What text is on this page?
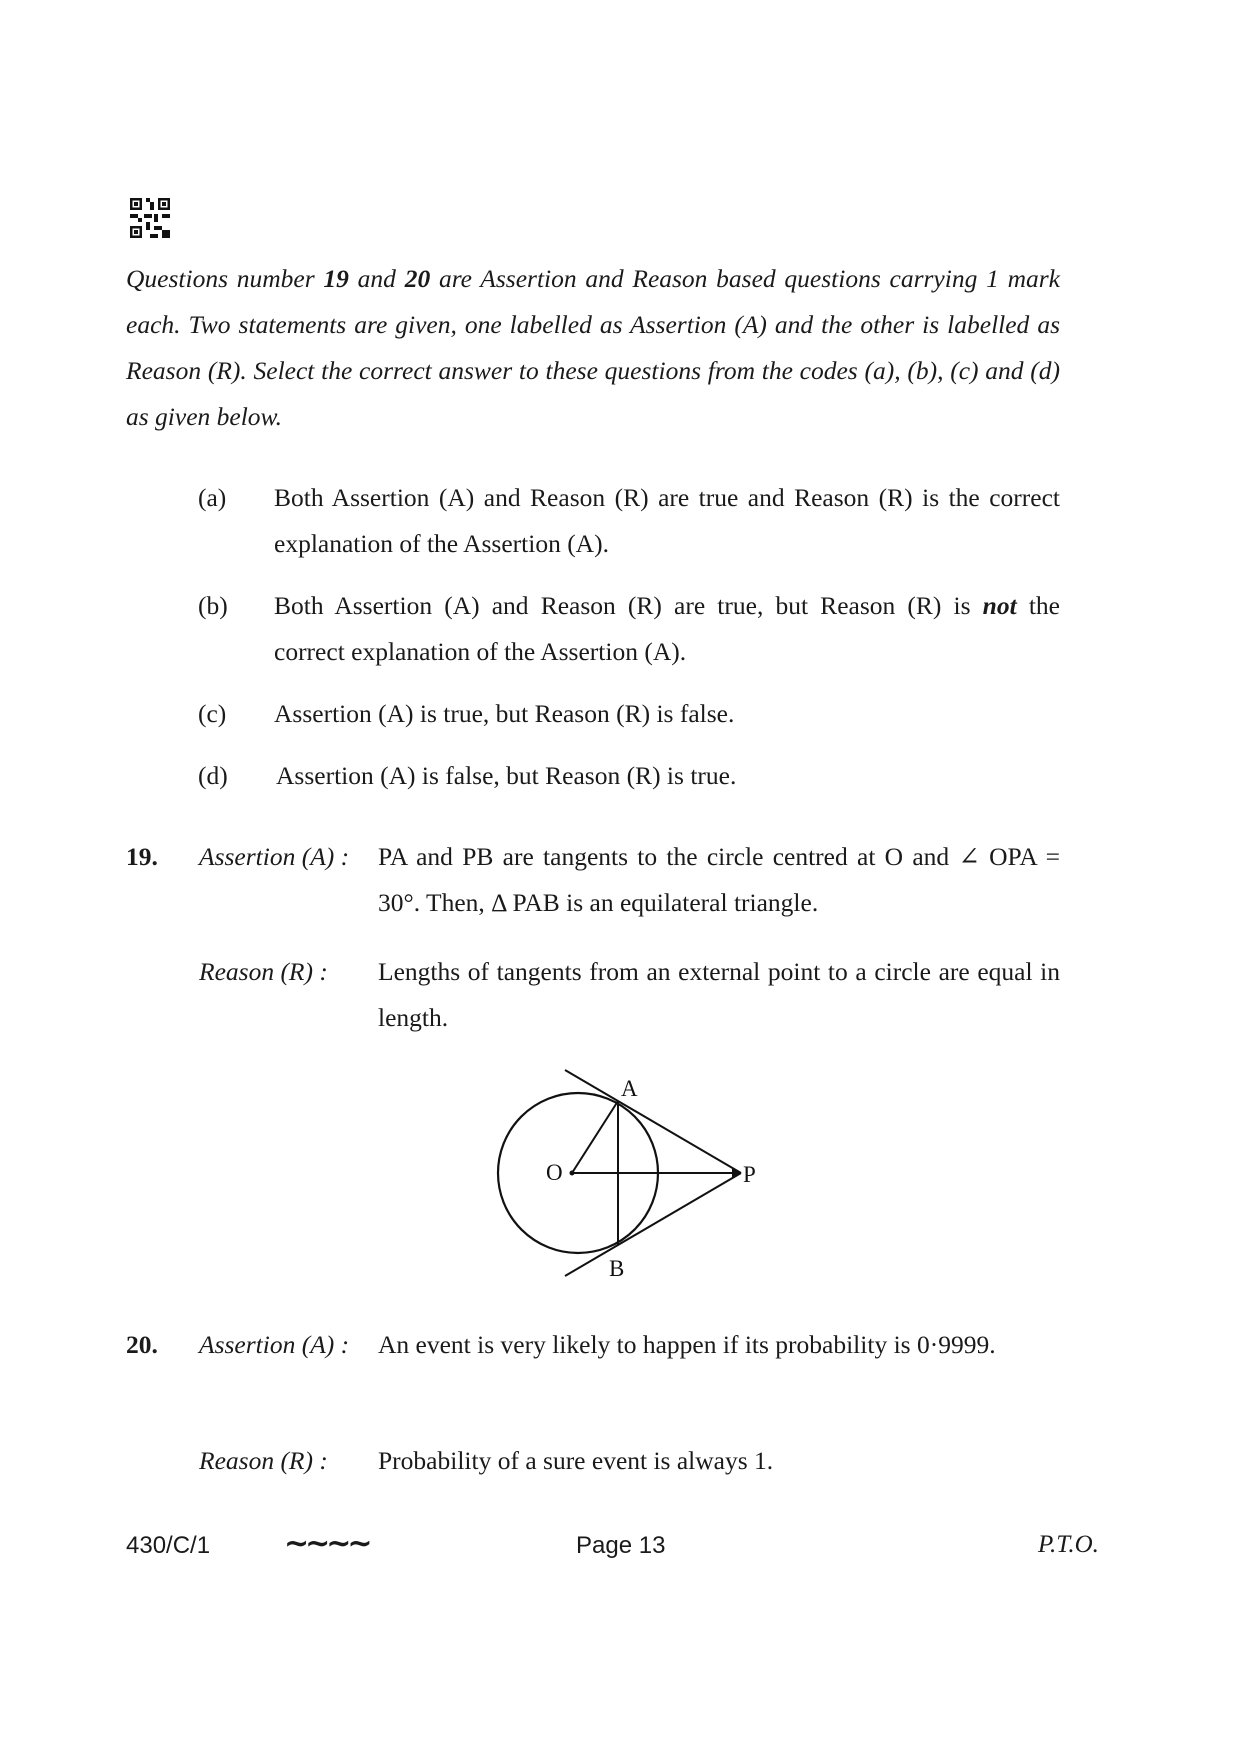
Questions number 19 and 20 are Assertion and Reason based questions carrying 1 mark each. Two statements are given, one labelled as Assertion (A) and the other is labelled as Reason (R). Select the correct answer to these questions from the codes (a), (b), (c) and (d) as given below.
(a) Both Assertion (A) and Reason (R) are true and Reason (R) is the correct explanation of the Assertion (A).
(b) Both Assertion (A) and Reason (R) are true, but Reason (R) is not the correct explanation of the Assertion (A).
(c) Assertion (A) is true, but Reason (R) is false.
(d) Assertion (A) is false, but Reason (R) is true.
19. Assertion (A) : PA and PB are tangents to the circle centred at O and ∠ OPA = 30°. Then, Δ PAB is an equilateral triangle.
Reason (R) : Lengths of tangents from an external point to a circle are equal in length.
A
O	P
B
20. Assertion (A) : An event is very likely to happen if its probability is 0·9999.
Reason (R) : Probability of a sure event is always 1.
430/C/1 ∼∼∼∼	Page 13	P.T.O.
